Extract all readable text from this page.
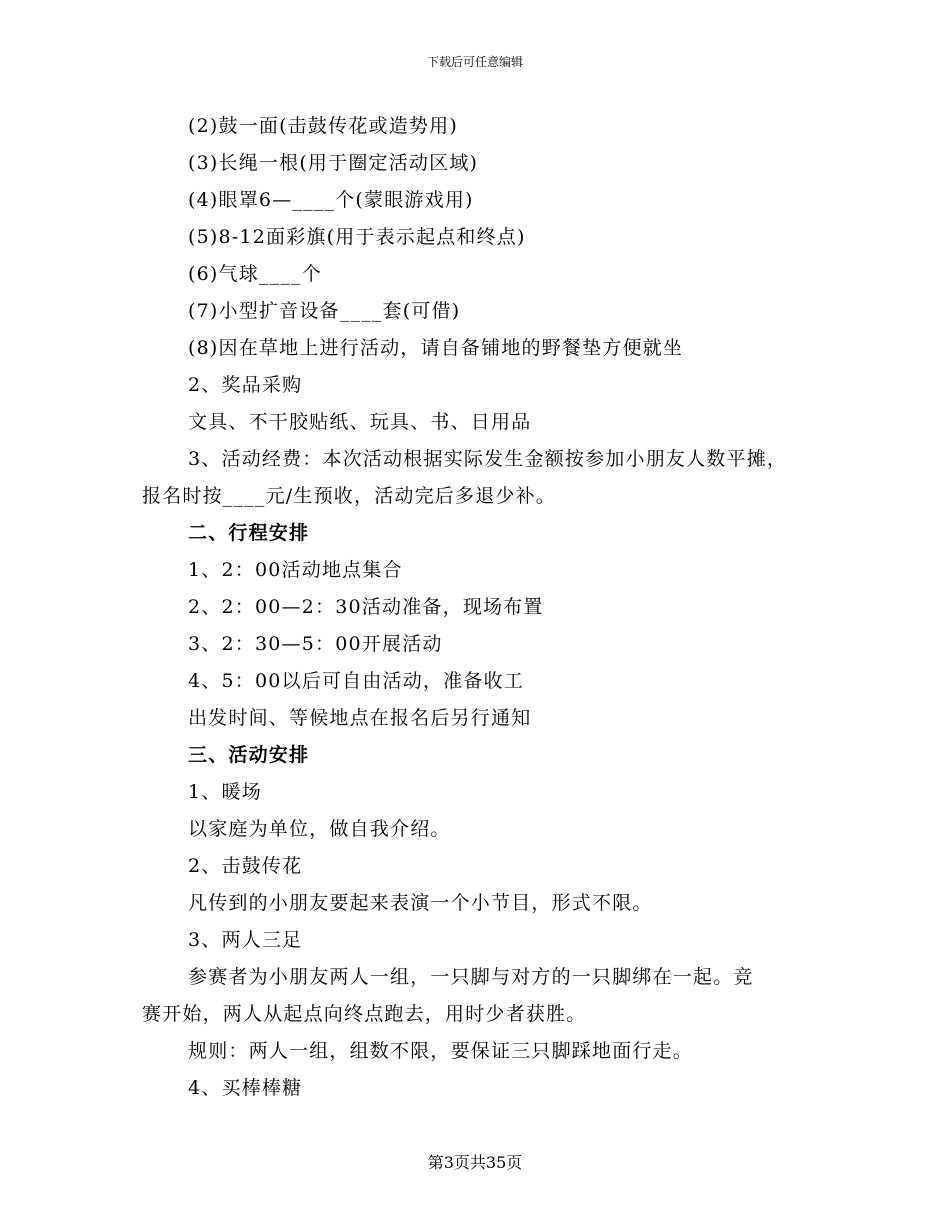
下载后可任意编辑
(2)鼓一面(击鼓传花或造势用)
(3)长绳一根(用于圈定活动区域)
(4)眼罩6—____个(蒙眼游戏用)
(5)8-12面彩旗(用于表示起点和终点)
(6)气球____个
(7)小型扩音设备____套(可借)
(8)因在草地上进行活动，请自备铺地的野餐垫方便就坐
2、奖品采购
文具、不干胶贴纸、玩具、书、日用品
3、活动经费：本次活动根据实际发生金额按参加小朋友人数平摊，
报名时按____元/生预收，活动完后多退少补。
二、行程安排
1、2：00活动地点集合
2、2：00—2：30活动准备，现场布置
3、2：30—5：00开展活动
4、5：00以后可自由活动，准备收工
出发时间、等候地点在报名后另行通知
三、活动安排
1、暖场
以家庭为单位，做自我介绍。
2、击鼓传花
凡传到的小朋友要起来表演一个小节目，形式不限。
3、两人三足
参赛者为小朋友两人一组，一只脚与对方的一只脚绑在一起。竞
赛开始，两人从起点向终点跑去，用时少者获胜。
规则：两人一组，组数不限，要保证三只脚踩地面行走。
4、买棒棒糖
第3页共35页
